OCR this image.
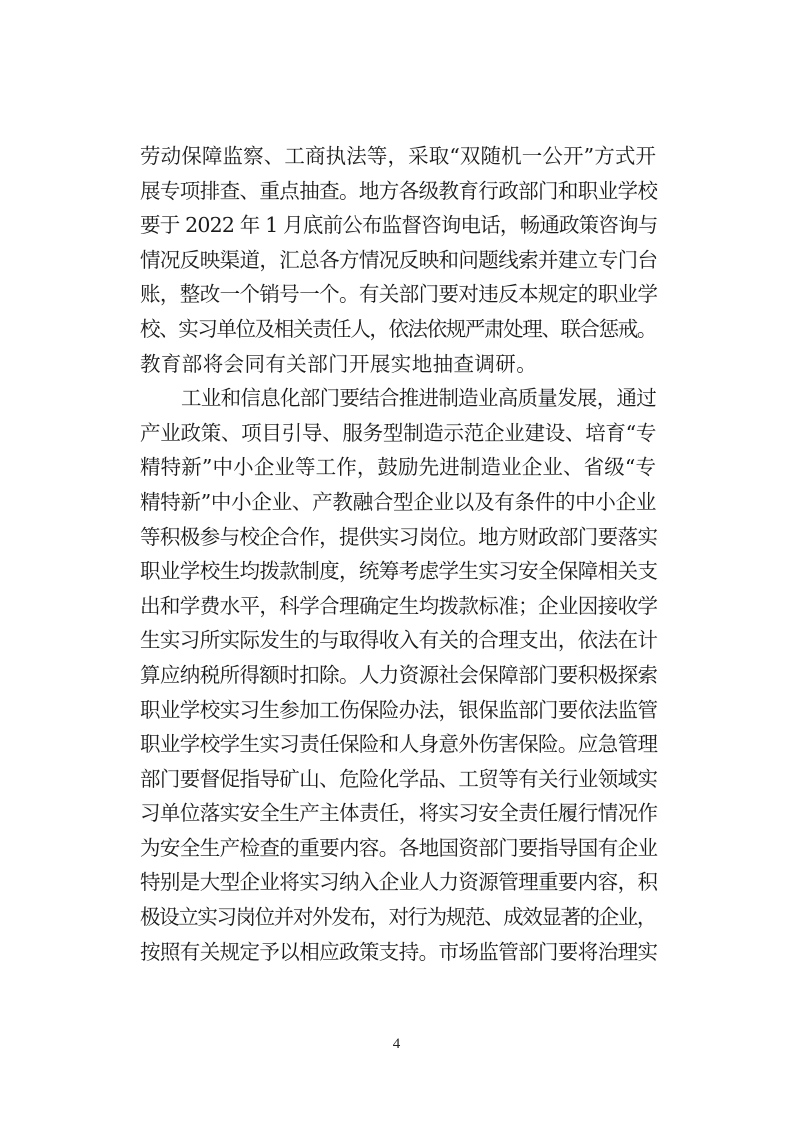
劳动保障监察、工商执法等，采取“双随机一公开”方式开
展专项排查、重点抽查。地方各级教育行政部门和职业学校
要于 2022 年 1 月底前公布监督咨询电话，畅通政策咨询与
情况反映渠道，汇总各方情况反映和问题线索并建立专门台
账，整改一个销号一个。有关部门要对违反本规定的职业学
校、实习单位及相关责任人，依法依规严肃处理、联合惩戒。
教育部将会同有关部门开展实地抽查调研。
工业和信息化部门要结合推进制造业高质量发展，通过
产业政策、项目引导、服务型制造示范企业建设、培育“专
精特新”中小企业等工作，鼓励先进制造业企业、省级“专
精特新”中小企业、产教融合型企业以及有条件的中小企业
等积极参与校企合作，提供实习岗位。地方财政部门要落实
职业学校生均拨款制度，统筹考虑学生实习安全保障相关支
出和学费水平，科学合理确定生均拨款标准；企业因接收学
生实习所实际发生的与取得收入有关的合理支出，依法在计
算应纳税所得额时扣除。人力资源社会保障部门要积极探索
职业学校实习生参加工伤保险办法，银保监部门要依法监管
职业学校学生实习责任保险和人身意外伤害保险。应急管理
部门要督促指导矿山、危险化学品、工贸等有关行业领域实
习单位落实安全生产主体责任，将实习安全责任履行情况作
为安全生产检查的重要内容。各地国资部门要指导国有企业
特别是大型企业将实习纳入企业人力资源管理重要内容，积
极设立实习岗位并对外发布，对行为规范、成效显著的企业，
按照有关规定予以相应政策支持。市场监管部门要将治理实
4
